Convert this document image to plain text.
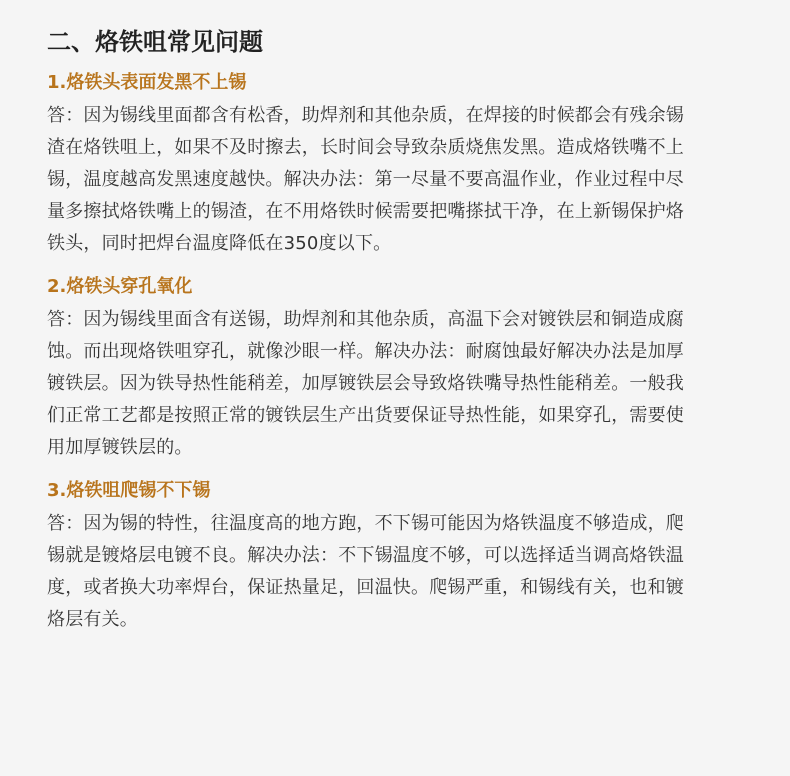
二、烙铁咀常见问题
1.烙铁头表面发黑不上锡

答：因为锡线里面都含有松香，助焊剂和其他杂质，在焊接的时候都会有残余锡
渣在烙铁咀上，如果不及时擦去，长时间会导致杂质烧焦发黑。造成烙铁嘴不上
锡，温度越高发黑速度越快。解决办法：第一尽量不要高温作业，作业过程中尽
量多擦拭烙铁嘴上的锡渣，在不用烙铁时候需要把嘴搽拭干净，在上新锡保护烙
铁头，同时把焊台温度降低在350度以下。

2.烙铁头穿孔氧化

答：因为锡线里面含有送锡，助焊剂和其他杂质，高温下会对镀铁层和铜造成腐
蚀。而出现烙铁咀穿孔，就像沙眼一样。解决办法：耐腐蚀最好解决办法是加厚
镀铁层。因为铁导热性能稍差，加厚镀铁层会导致烙铁嘴导热性能稍差。一般我
们正常工艺都是按照正常的镀铁层生产出货要保证导热性能，如果穿孔，需要使
用加厚镀铁层的。

3.烙铁咀爬锡不下锡

答：因为锡的特性，往温度高的地方跑，不下锡可能因为烙铁温度不够造成，爬
锡就是镀烙层电镀不良。解决办法：不下锡温度不够，可以选择适当调高烙铁温
度，或者换大功率焊台，保证热量足，回温快。爬锡严重，和锡线有关，也和镀
烙层有关。
